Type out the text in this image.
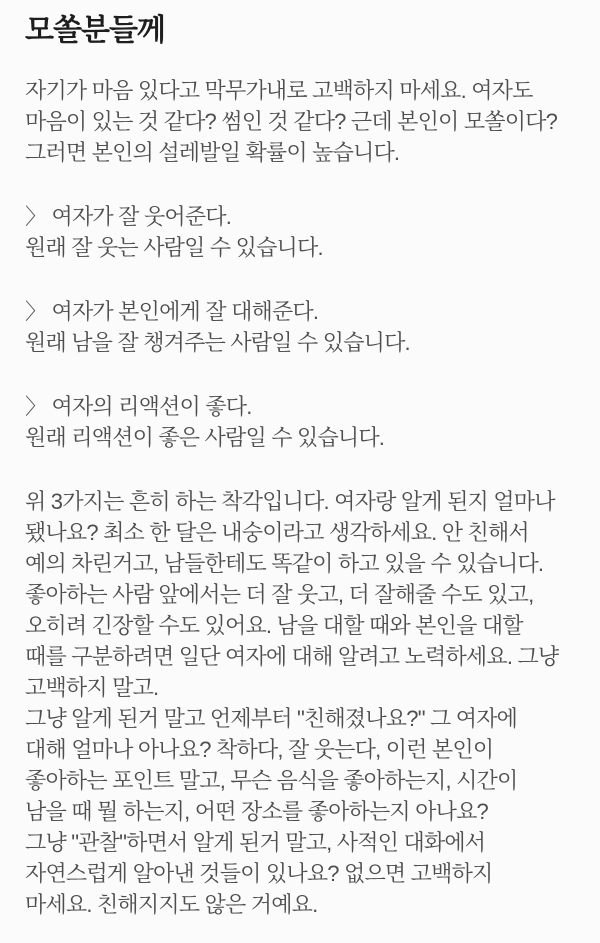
모쏠분들께
자기가 마음 있다고 막무가내로 고백하지 마세요. 여자도
마음이 있는 것 같다? 썸인 것 같다? 근데 본인이 모쏠이다?
그러면 본인의 설레발일 확률이 높습니다.
〉 여자가 잘 웃어준다.
원래 잘 웃는 사람일 수 있습니다.
〉 여자가 본인에게 잘 대해준다.
원래 남을 잘 챙겨주는 사람일 수 있습니다.
〉 여자의 리액션이 좋다.
원래 리액션이 좋은 사람일 수 있습니다.
위 3가지는 흔히 하는 착각입니다. 여자랑 알게 된지 얼마나
됐나요? 최소 한 달은 내숭이라고 생각하세요. 안 친해서
예의 차린거고, 남들한테도 똑같이 하고 있을 수 있습니다.
좋아하는 사람 앞에서는 더 잘 웃고, 더 잘해줄 수도 있고,
오히려 긴장할 수도 있어요. 남을 대할 때와 본인을 대할
때를 구분하려면 일단 여자에 대해 알려고 노력하세요. 그냥
고백하지 말고.
그냥 알게 된거 말고 언제부터 "친해졌나요?" 그 여자에
대해 얼마나 아나요? 착하다, 잘 웃는다, 이런 본인이
좋아하는 포인트 말고, 무슨 음식을 좋아하는지, 시간이
남을 때 뭘 하는지, 어떤 장소를 좋아하는지 아나요?
그냥 "관찰"하면서 알게 된거 말고, 사적인 대화에서
자연스럽게 알아낸 것들이 있나요? 없으면 고백하지
마세요. 친해지지도 않은 거예요.
